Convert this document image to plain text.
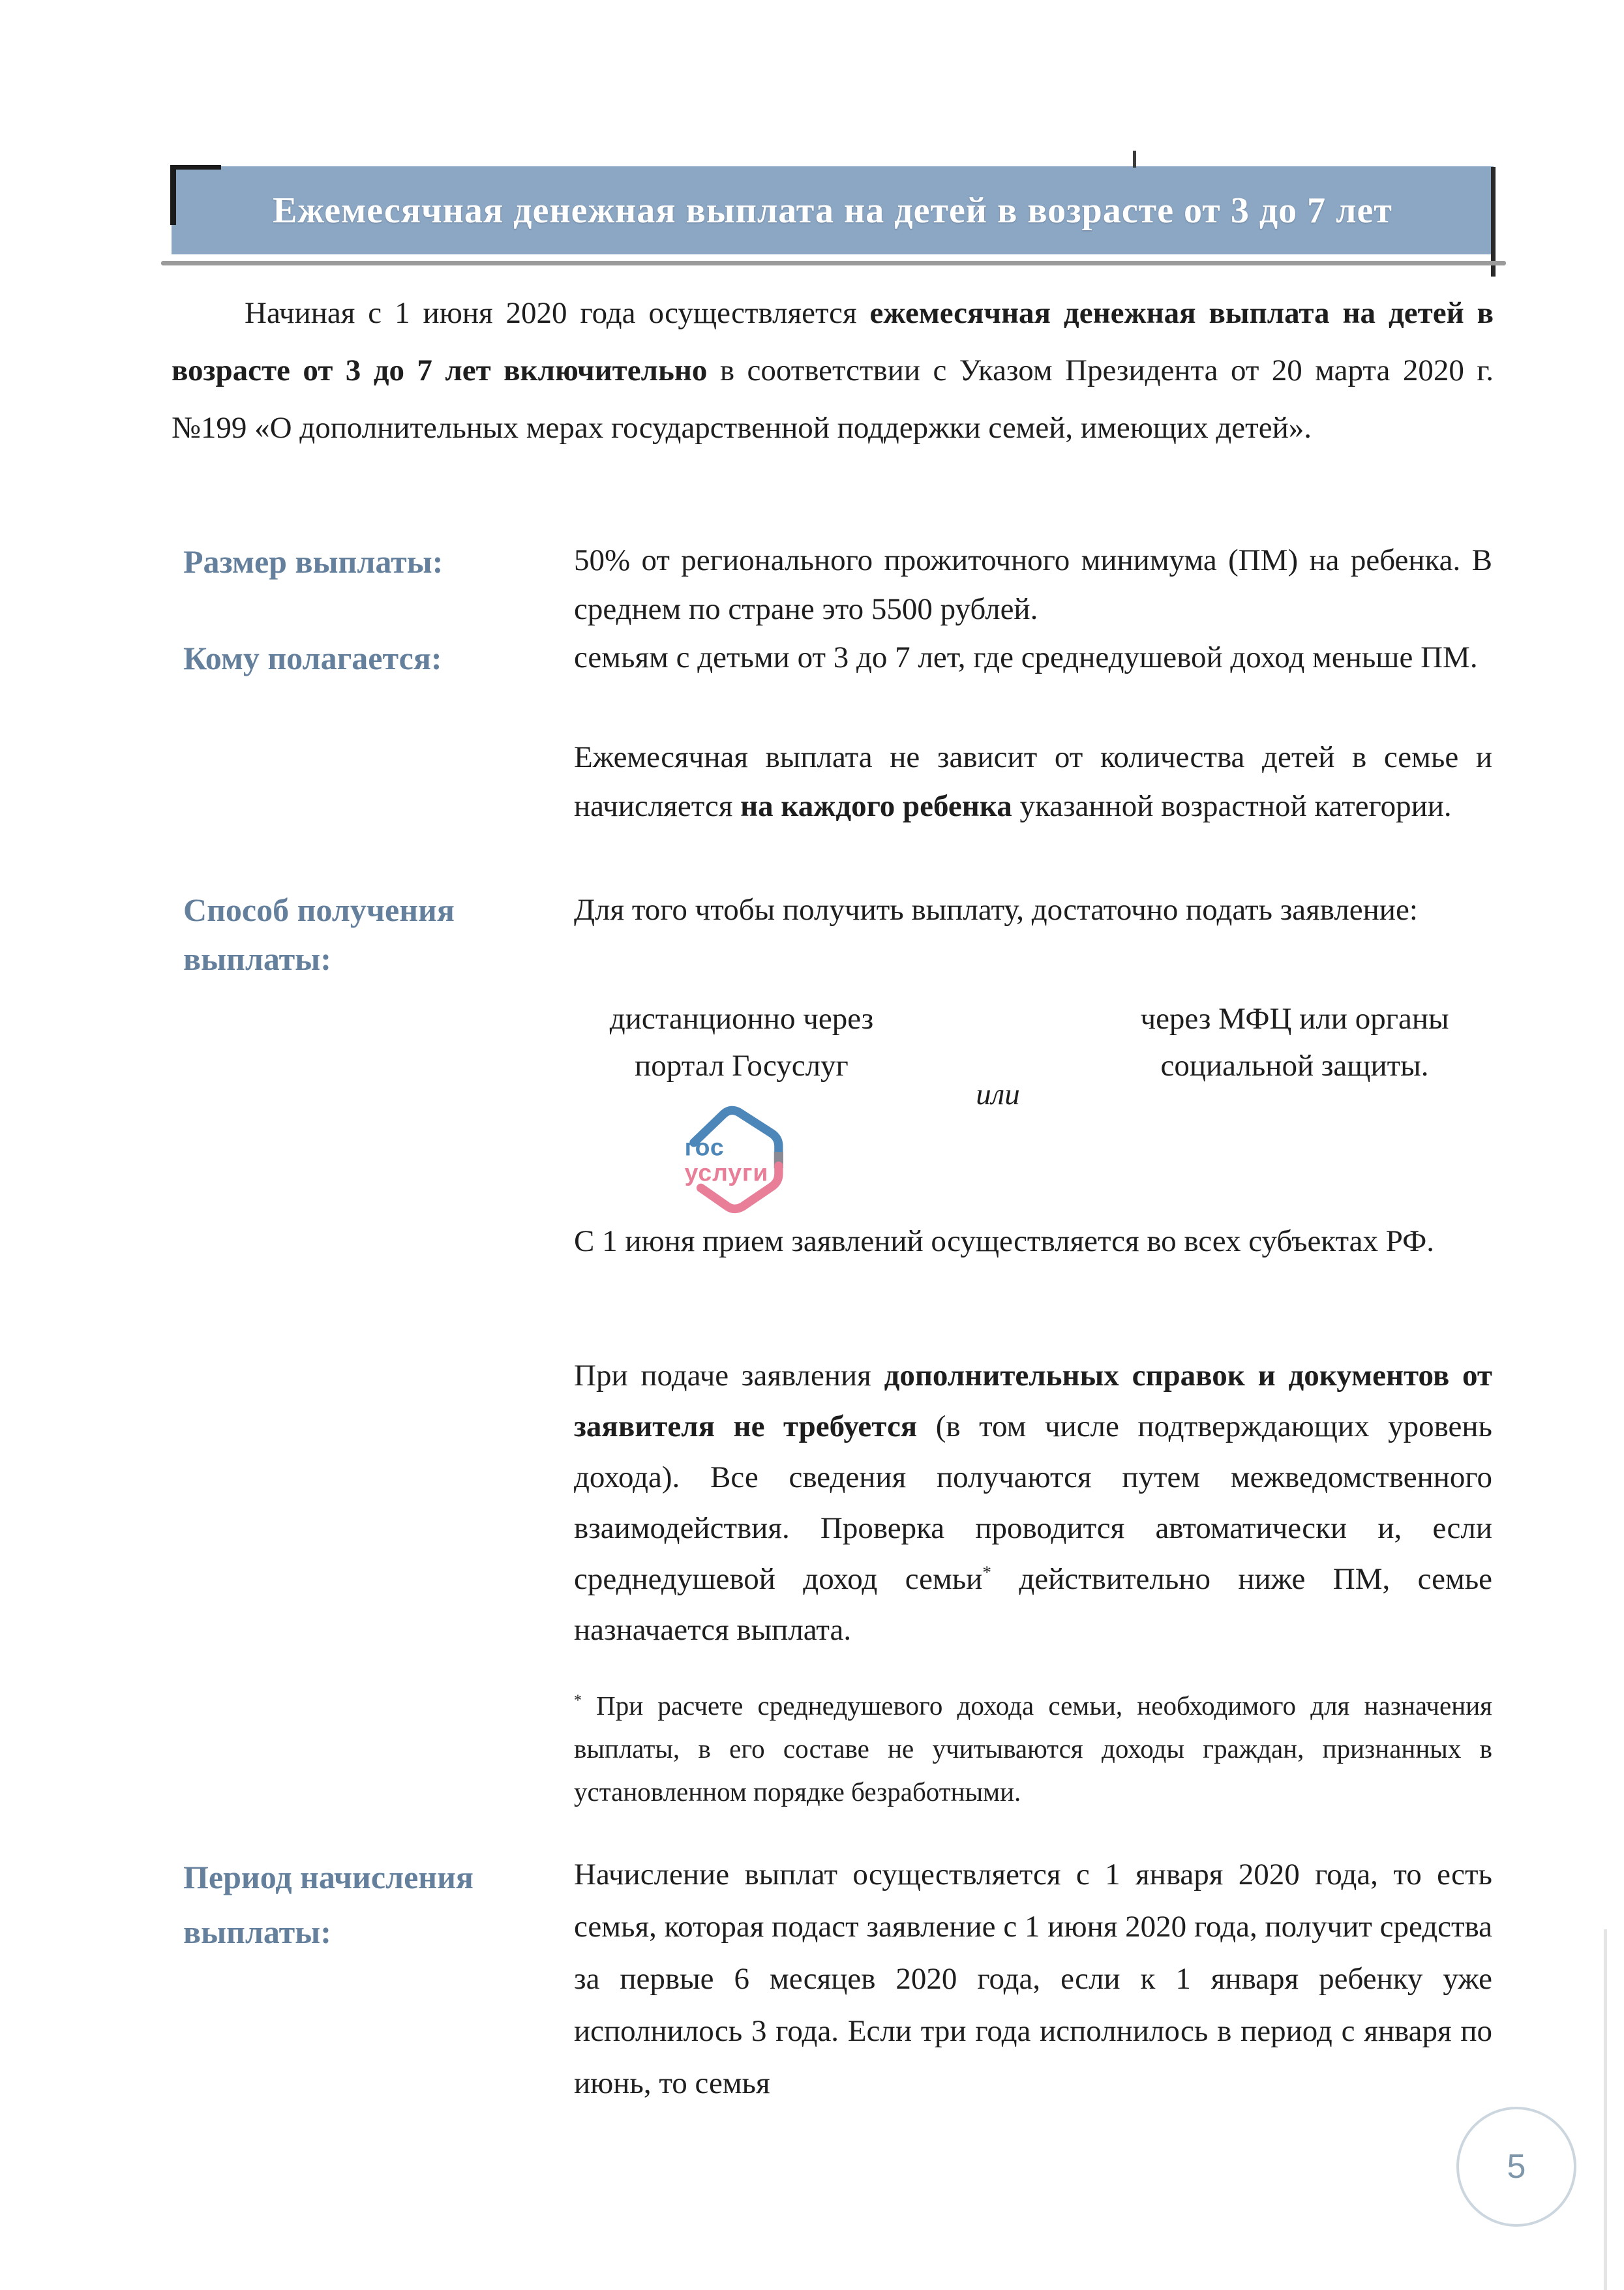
Ежемесячная денежная выплата на детей в возрасте от 3 до 7 лет

Начиная с 1 июня 2020 года осуществляется ежемесячная денежная выплата на детей в возрасте от 3 до 7 лет включительно в соответствии с Указом Президента от 20 марта 2020 г. №199 «О дополнительных мерах государственной поддержки семей, имеющих детей».

Размер выплаты:	50% от регионального прожиточного минимума (ПМ) на ребенка. В среднем по стране это 5500 рублей.

Кому полагается:	семьям с детьми от 3 до 7 лет, где среднедушевой доход меньше ПМ.

Ежемесячная выплата не зависит от количества детей в семье и начисляется на каждого ребенка указанной возрастной категории.

Способ получения выплаты:

Для того чтобы получить выплату, достаточно подать заявление:

дистанционно через портал Госуслуг

или

через МФЦ или органы социальной защиты.

гос
услуги

С 1 июня прием заявлений осуществляется во всех субъектах РФ.

При подаче заявления дополнительных справок и документов от заявителя не требуется (в том числе подтверждающих уровень дохода). Все сведения получаются путем межведомственного взаимодействия. Проверка проводится автоматически и, если среднедушевой доход семьи* действительно ниже ПМ, семье назначается выплата.

* При расчете среднедушевого дохода семьи, необходимого для назначения выплаты, в его составе не учитываются доходы граждан, признанных в установленном порядке безработными.

Период начисления выплаты:

Начисление выплат осуществляется с 1 января 2020 года, то есть семья, которая подаст заявление с 1 июня 2020 года, получит средства за первые 6 месяцев 2020 года, если к 1 января ребенку уже исполнилось 3 года. Если три года исполнилось в период с января по июнь, то семья

5
